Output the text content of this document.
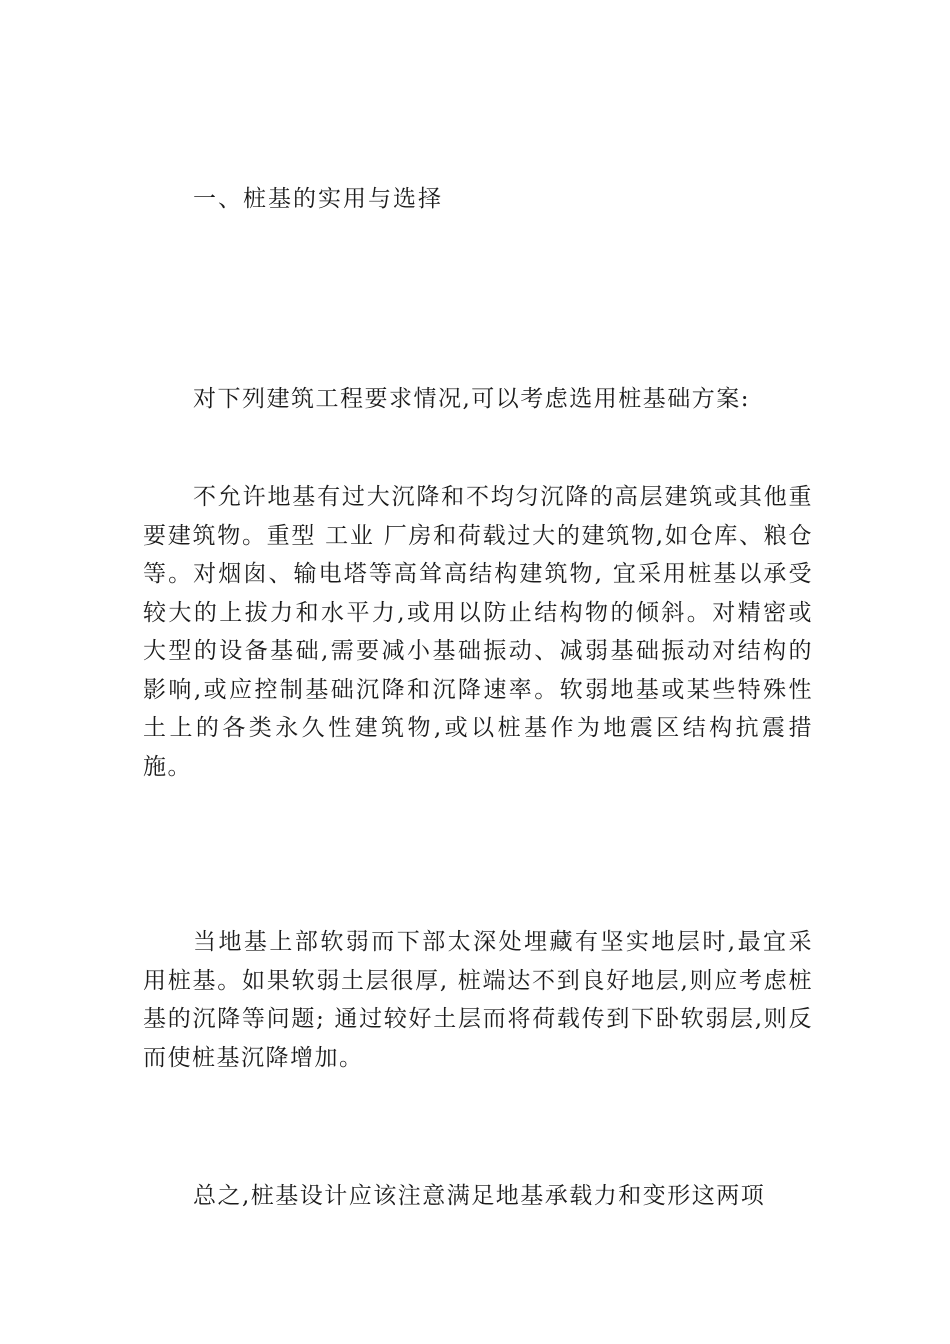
一、桩基的实用与选择

对下列建筑工程要求情况,可以考虑选用桩基础方案:

不允许地基有过大沉降和不均匀沉降的高层建筑或其他重要建筑物。重型 工业 厂房和荷载过大的建筑物,如仓库、粮仓等。对烟囱、输电塔等高耸高结构建筑物, 宜采用桩基以承受较大的上拔力和水平力,或用以防止结构物的倾斜。对精密或大型的设备基础,需要减小基础振动、减弱基础振动对结构的影响,或应控制基础沉降和沉降速率。软弱地基或某些特殊性土上的各类永久性建筑物,或以桩基作为地震区结构抗震措施。

当地基上部软弱而下部太深处埋藏有坚实地层时,最宜采用桩基。如果软弱土层很厚, 桩端达不到良好地层,则应考虑桩基的沉降等问题; 通过较好土层而将荷载传到下卧软弱层,则反而使桩基沉降增加。

总之,桩基设计应该注意满足地基承载力和变形这两项
